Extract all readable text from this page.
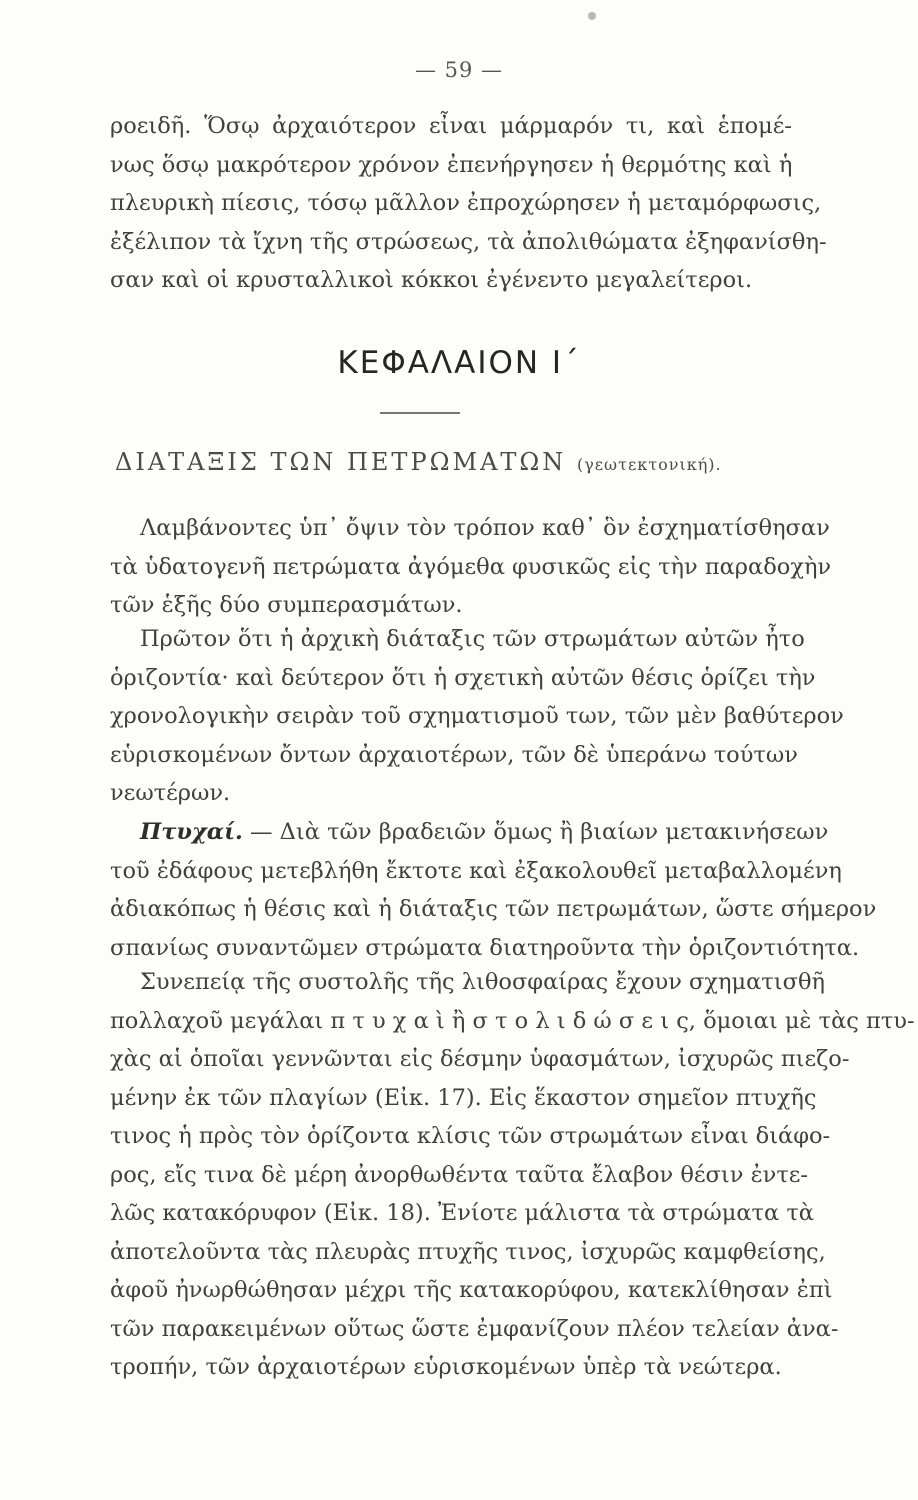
— 59 —
ροειδῆ. Ὅσῳ ἀρχαιότερον εἶναι μάρμαρόν τι, καὶ ἑπομέ-
νως ὅσῳ μακρότερον χρόνον ἐπενήργησεν ἡ θερμότης καὶ ἡ
πλευρικὴ πίεσις, τόσῳ μᾶλλον ἐπροχώρησεν ἡ μεταμόρφωσις,
ἐξέλιπον τὰ ἴχνη τῆς στρώσεως, τὰ ἀπολιθώματα ἐξηφανίσθη-
σαν καὶ οἱ κρυσταλλικοὶ κόκκοι ἐγένεντο μεγαλείτεροι.
ΚΕΦΑΛΑΙΟΝ Ι΄
ΔΙΑΤΑΞΙΣ ΤΩΝ ΠΕΤΡΩΜΑΤΩΝ (γεωτεκτονική).
Λαμβάνοντες ὑπ᾽ ὄψιν τὸν τρόπον καθ᾽ ὃν ἐσχηματίσθησαν
τὰ ὑδατογενῆ πετρώματα ἀγόμεθα φυσικῶς εἰς τὴν παραδοχὴν
τῶν ἑξῆς δύο συμπερασμάτων.
Πρῶτον ὅτι ἡ ἀρχικὴ διάταξις τῶν στρωμάτων αὐτῶν ἦτο
ὁριζοντία· καὶ δεύτερον ὅτι ἡ σχετικὴ αὐτῶν θέσις ὁρίζει τὴν
χρονολογικὴν σειρὰν τοῦ σχηματισμοῦ των, τῶν μὲν βαθύτερον
εὑρισκομένων ὄντων ἀρχαιοτέρων, τῶν δὲ ὑπεράνω τούτων
νεωτέρων.
Πτυχαί. — Διὰ τῶν βραδειῶν ὅμως ἢ βιαίων μετακινήσεων
τοῦ ἐδάφους μετεβλήθη ἔκτοτε καὶ ἐξακολουθεῖ μεταβαλλομένη
ἀδιακόπως ἡ θέσις καὶ ἡ διάταξις τῶν πετρωμάτων, ὥστε σήμερον
σπανίως συναντῶμεν στρώματα διατηροῦντα τὴν ὁριζοντιότητα.
Συνεπείᾳ τῆς συστολῆς τῆς λιθοσφαίρας ἔχουν σχηματισθῆ
πολλαχοῦ μεγάλαι π τ υ χ α ὶ ἢ σ τ ο λ ι δ ώ σ ε ι ς, ὅμοιαι μὲ τὰς πτυ-
χὰς αἱ ὁποῖαι γεννῶνται εἰς δέσμην ὑφασμάτων, ἰσχυρῶς πιεζο-
μένην ἐκ τῶν πλαγίων (Εἰκ. 17). Εἰς ἕκαστον σημεῖον πτυχῆς
τινος ἡ πρὸς τὸν ὁρίζοντα κλίσις τῶν στρωμάτων εἶναι διάφο-
ρος, εἴς τινα δὲ μέρη ἀνορθωθέντα ταῦτα ἔλαβον θέσιν ἐντε-
λῶς κατακόρυφον (Εἰκ. 18). Ἐνίοτε μάλιστα τὰ στρώματα τὰ
ἀποτελοῦντα τὰς πλευρὰς πτυχῆς τινος, ἰσχυρῶς καμφθείσης,
ἀφοῦ ἠνωρθώθησαν μέχρι τῆς κατακορύφου, κατεκλίθησαν ἐπὶ
τῶν παρακειμένων οὕτως ὥστε ἐμφανίζουν πλέον τελείαν ἀνα-
τροπήν, τῶν ἀρχαιοτέρων εὑρισκομένων ὑπὲρ τὰ νεώτερα.
